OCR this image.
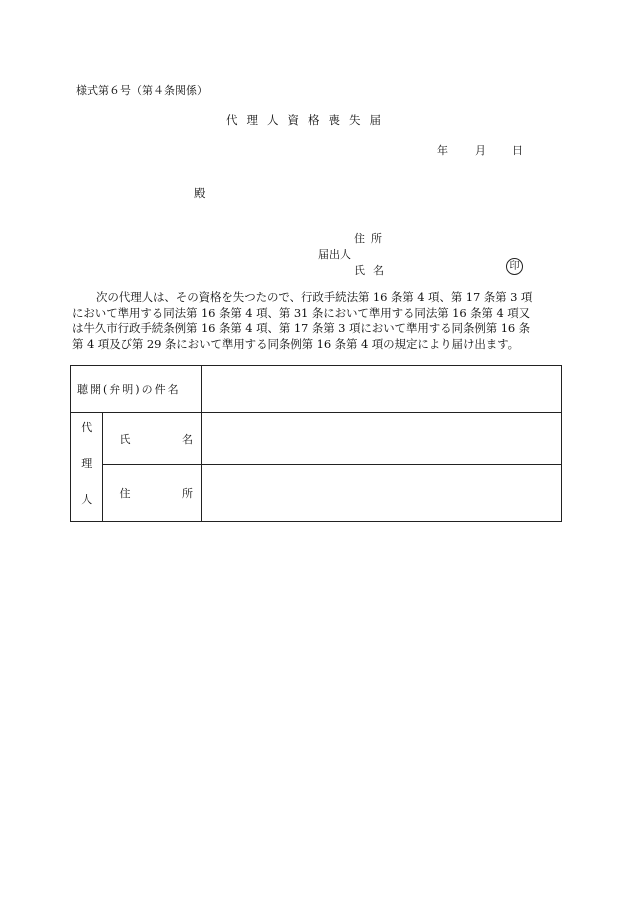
様式第６号（第４条関係）
代理人資格喪失届
年 月 日
殿
住所
届出人
氏名	印
次の代理人は、その資格を失つたので、行政手続法第 16 条第 4 項、第 17 条第 3 項
において準用する同法第 16 条第 4 項、第 31 条において準用する同法第 16 条第 4 項又
は牛久市行政手続条例第 16 条第 4 項、第 17 条第 3 項において準用する同条例第 16 条
第 4 項及び第 29 条において準用する同条例第 16 条第 4 項の規定により届け出ます。
聴開(弁明)の件名		

代
理
人	氏 名	

	住 所	
